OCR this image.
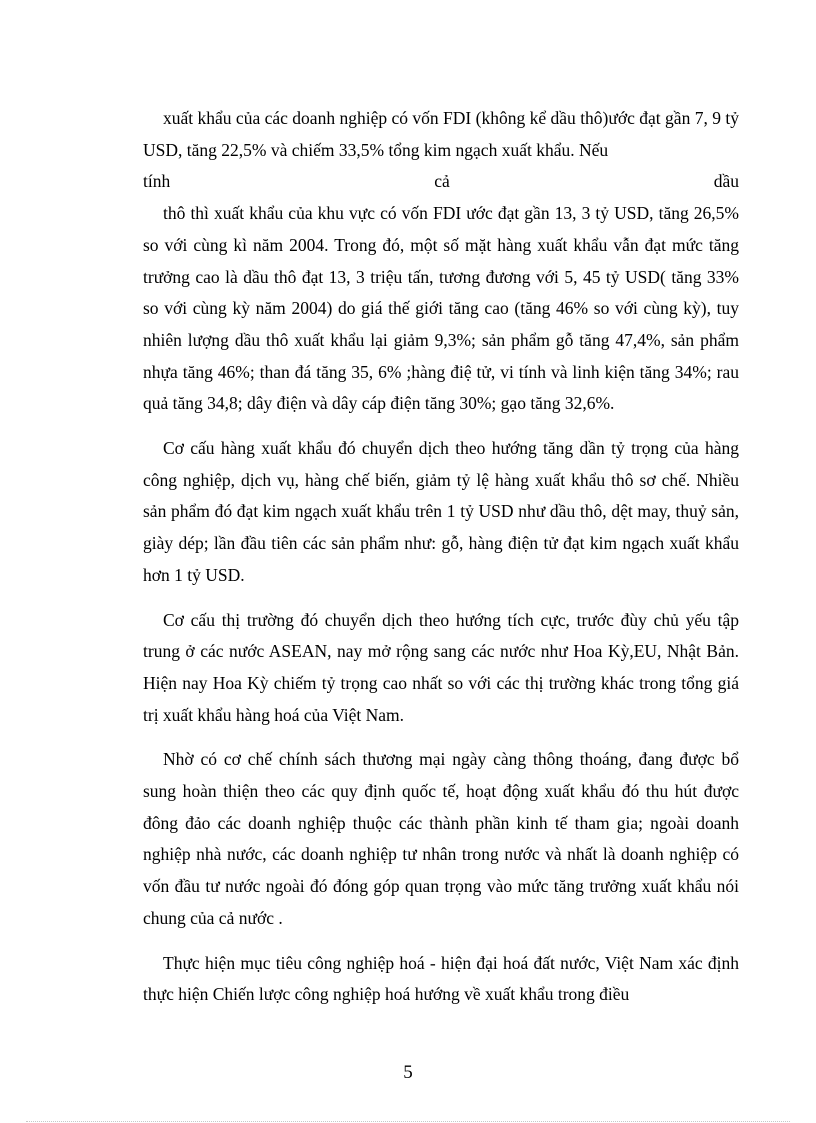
xuất khẩu của các doanh nghiệp có vốn FDI (không kể dầu thô)ước đạt gần 7, 9 tỷ USD, tăng 22,5% và chiếm 33,5% tổng kim ngạch xuất khẩu. Nếu

tính	cả	dầu

thô thì xuất khẩu của khu vực có vốn FDI ước đạt gần 13, 3 tỷ USD, tăng 26,5% so với cùng kì năm 2004. Trong đó, một số mặt hàng xuất khẩu vẫn đạt mức tăng trưởng cao là dầu thô đạt 13, 3 triệu tấn, tương đương với 5, 45 tỷ USD( tăng 33% so với cùng kỳ năm 2004) do giá thế giới tăng cao (tăng 46% so với cùng kỳ), tuy nhiên lượng dầu thô xuất khẩu lại giảm 9,3%; sản phẩm gỗ tăng 47,4%, sản phẩm nhựa tăng 46%; than đá tăng 35, 6% ;hàng điệ tử, vi tính và linh kiện tăng 34%; rau quả tăng 34,8; dây điện và dây cáp điện tăng 30%; gạo tăng 32,6%.

Cơ cấu hàng xuất khẩu đó chuyển dịch theo hướng tăng dần tỷ trọng của hàng công nghiệp, dịch vụ, hàng chế biến, giảm tỷ lệ hàng xuất khẩu thô sơ chế. Nhiều sản phẩm đó đạt kim ngạch xuất khẩu trên 1 tỷ USD như dầu thô, dệt may, thuỷ sản, giày dép; lần đầu tiên các sản phẩm như: gỗ, hàng điện tử đạt kim ngạch xuất khẩu hơn 1 tỷ USD.

Cơ cấu thị trường đó chuyển dịch theo hướng tích cực, trước đùy chủ yếu tập trung ở các nước ASEAN, nay mở rộng sang các nước như Hoa Kỳ,EU, Nhật Bản. Hiện nay Hoa Kỳ chiếm tỷ trọng cao nhất so với các thị trường khác trong tổng giá trị xuất khẩu hàng hoá của Việt Nam.

Nhờ có cơ chế chính sách thương mại ngày càng thông thoáng, đang được bổ sung hoàn thiện theo các quy định quốc tế, hoạt động xuất khẩu đó thu hút được đông đảo các doanh nghiệp thuộc các thành phần kinh tế tham gia; ngoài doanh nghiệp nhà nước, các doanh nghiệp tư nhân trong nước và nhất là doanh nghiệp có vốn đầu tư nước ngoài đó đóng góp quan trọng vào mức tăng trưởng xuất khẩu nói chung của cả nước .

Thực hiện mục tiêu công nghiệp hoá - hiện đại hoá đất nước, Việt Nam xác định thực hiện Chiến lược công nghiệp hoá hướng về xuất khẩu trong điều

5
